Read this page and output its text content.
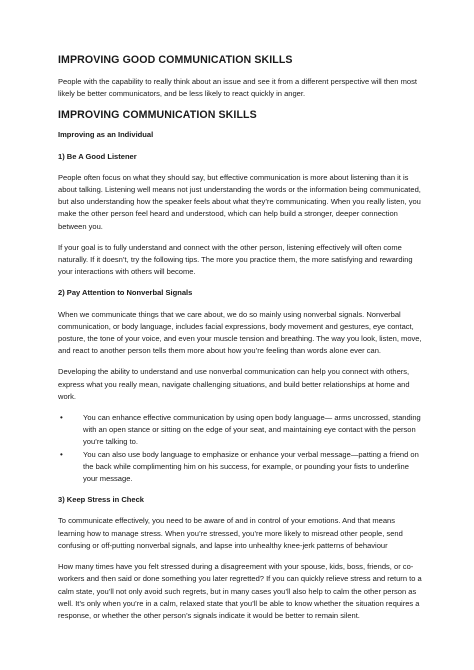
IMPROVING GOOD COMMUNICATION SKILLS
People with the capability to really think about an issue and see it from a different perspective will then most likely be better communicators, and be less likely to react quickly in anger.
IMPROVING COMMUNICATION SKILLS
Improving as an Individual
1) Be A Good Listener
People often focus on what they should say, but effective communication is more about listening than it is about talking. Listening well means not just understanding the words or the information being communicated, but also understanding how the speaker feels about what they’re communicating. When you really listen, you make the other person feel heard and understood, which can help build a stronger, deeper connection between you.
If your goal is to fully understand and connect with the other person, listening effectively will often come naturally. If it doesn’t, try the following tips. The more you practice them, the more satisfying and rewarding your interactions with others will become.
2) Pay Attention to Nonverbal Signals
When we communicate things that we care about, we do so mainly using nonverbal signals. Nonverbal communication, or body language, includes facial expressions, body movement and gestures, eye contact, posture, the tone of your voice, and even your muscle tension and breathing. The way you look, listen, move, and react to another person tells them more about how you’re feeling than words alone ever can.
Developing the ability to understand and use nonverbal communication can help you connect with others, express what you really mean, navigate challenging situations, and build better relationships at home and work.
•	You can enhance effective communication by using open body language— arms uncrossed, standing with an open stance or sitting on the edge of your seat, and maintaining eye contact with the person you’re talking to.
•	You can also use body language to emphasize or enhance your verbal message—patting a friend on the back while complimenting him on his success, for example, or pounding your fists to underline your message.
3) Keep Stress in Check
To communicate effectively, you need to be aware of and in control of your emotions. And that means learning how to manage stress. When you’re stressed, you’re more likely to misread other people, send confusing or off-putting nonverbal signals, and lapse into unhealthy knee-jerk patterns of behaviour
How many times have you felt stressed during a disagreement with your spouse, kids, boss, friends, or co-workers and then said or done something you later regretted? If you can quickly relieve stress and return to a calm state, you’ll not only avoid such regrets, but in many cases you’ll also help to calm the other person as well. It’s only when you’re in a calm, relaxed state that you’ll be able to know whether the situation requires a response, or whether the other person’s signals indicate it would be better to remain silent.
